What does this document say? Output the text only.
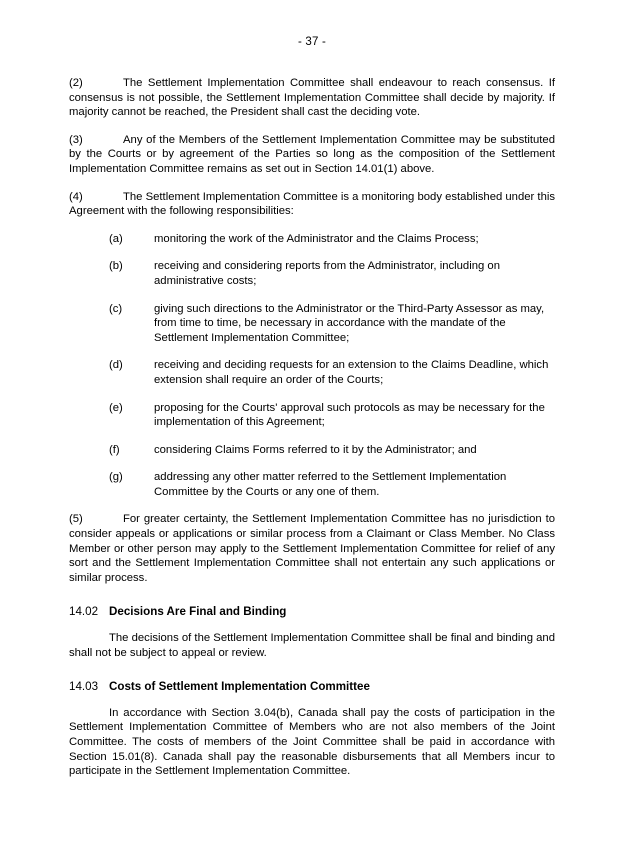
- 37 -

(2)	The Settlement Implementation Committee shall endeavour to reach consensus. If consensus is not possible, the Settlement Implementation Committee shall decide by majority. If majority cannot be reached, the President shall cast the deciding vote.

(3)	Any of the Members of the Settlement Implementation Committee may be substituted by the Courts or by agreement of the Parties so long as the composition of the Settlement Implementation Committee remains as set out in Section 14.01(1) above.

(4)	The Settlement Implementation Committee is a monitoring body established under this Agreement with the following responsibilities:

(a)	monitoring the work of the Administrator and the Claims Process;
(b)	receiving and considering reports from the Administrator, including on administrative costs;
(c)	giving such directions to the Administrator or the Third-Party Assessor as may, from time to time, be necessary in accordance with the mandate of the Settlement Implementation Committee;
(d)	receiving and deciding requests for an extension to the Claims Deadline, which extension shall require an order of the Courts;
(e)	proposing for the Courts' approval such protocols as may be necessary for the implementation of this Agreement;
(f)	considering Claims Forms referred to it by the Administrator; and
(g)	addressing any other matter referred to the Settlement Implementation Committee by the Courts or any one of them.

(5)	For greater certainty, the Settlement Implementation Committee has no jurisdiction to consider appeals or applications or similar process from a Claimant or Class Member. No Class Member or other person may apply to the Settlement Implementation Committee for relief of any sort and the Settlement Implementation Committee shall not entertain any such applications or similar process.

14.02 Decisions Are Final and Binding

The decisions of the Settlement Implementation Committee shall be final and binding and shall not be subject to appeal or review.

14.03 Costs of Settlement Implementation Committee

In accordance with Section 3.04(b), Canada shall pay the costs of participation in the Settlement Implementation Committee of Members who are not also members of the Joint Committee. The costs of members of the Joint Committee shall be paid in accordance with Section 15.01(8). Canada shall pay the reasonable disbursements that all Members incur to participate in the Settlement Implementation Committee.
